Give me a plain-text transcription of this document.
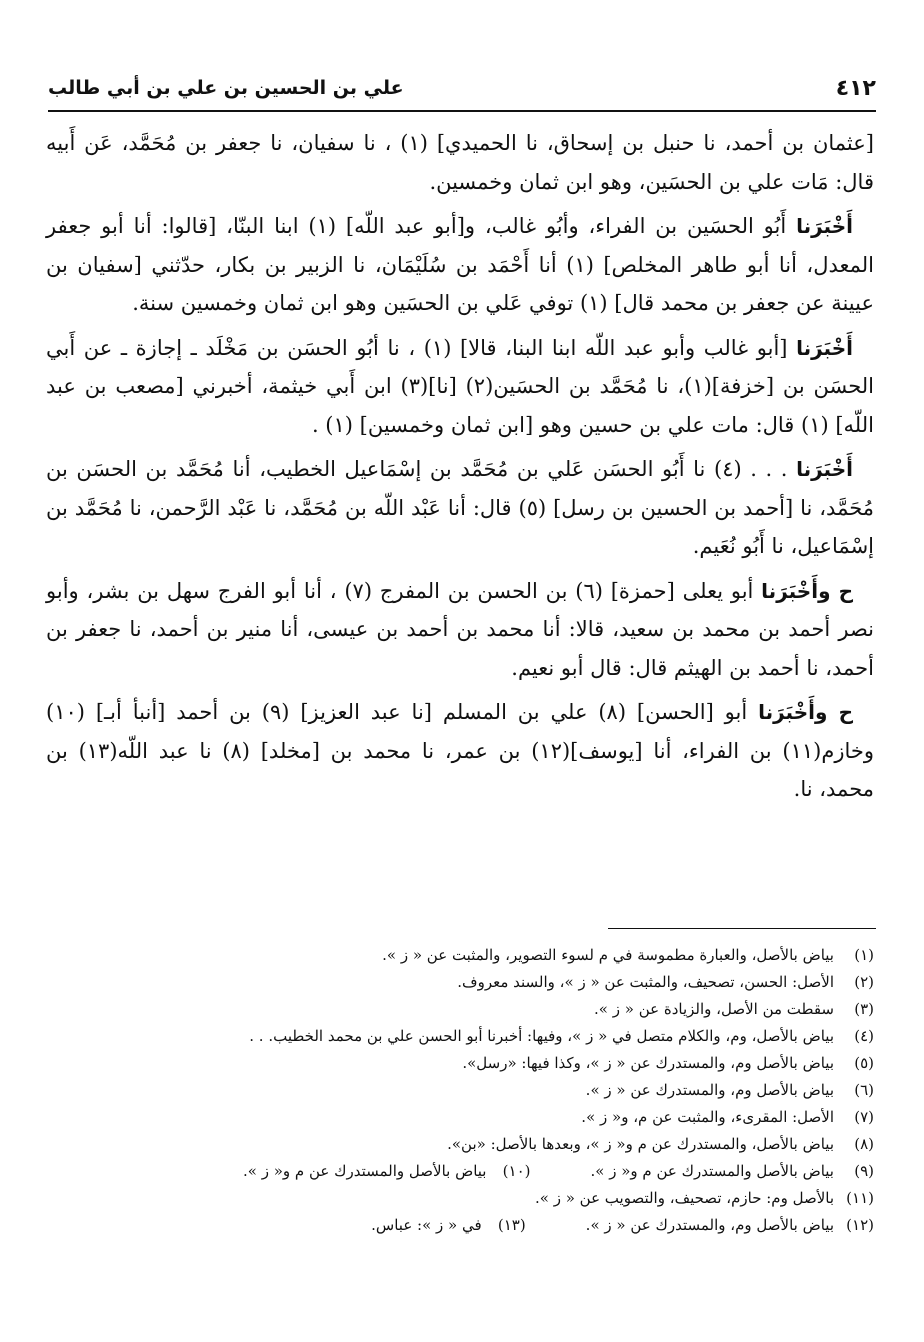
٤١٢
علي بن الحسين بن علي بن أبي طالب

[عثمان بن أحمد، نا حنبل بن إسحاق، نا الحميدي] (١) ، نا سفيان، نا جعفر بن مُحَمَّد، عَن أَبيه قال: مَات علي بن الحسَين، وهو ابن ثمان وخمسين.

 أَخْبَرَنا أَبُو الحسَين بن الفراء، وأبُو غالب، و[أبو عبد اللّه] (١) ابنا البنّا، [قالوا: أنا أبو جعفر المعدل، أنا أبو طاهر المخلص] (١) أنا أَحْمَد بن سُلَيْمَان، نا الزبير بن بكار، حدّثني [سفيان بن عيينة عن جعفر بن محمد قال] (١) توفي عَلي بن الحسَين وهو ابن ثمان وخمسين سنة.

 أَخْبَرَنا [أبو غالب وأبو عبد اللّه ابنا البنا، قالا] (١) ، نا أبُو الحسَن بن مَخْلَد ـ إجازة ـ عن أَبي الحسَن بن [خزفة](١)، نا مُحَمَّد بن الحسَين(٢) [نا](٣) ابن أَبي خيثمة، أخبرني [مصعب بن عبد اللّه] (١) قال: مات علي بن حسين وهو [ابن ثمان وخمسين] (١) .

 أَخْبَرَنا . . . (٤) نا أَبُو الحسَن عَلي بن مُحَمَّد بن إسْمَاعيل الخطيب، أنا مُحَمَّد بن الحسَن بن مُحَمَّد، نا [أحمد بن الحسين بن رسل] (٥) قال: أنا عَبْد اللّه بن مُحَمَّد، نا عَبْد الرَّحمن، نا مُحَمَّد بن إسْمَاعيل، نا أَبُو نُعَيم.

 ح وأَخْبَرَنا أبو يعلى [حمزة] (٦) بن الحسن بن المفرج (٧) ، أنا أبو الفرج سهل بن بشر، وأبو نصر أحمد بن محمد بن سعيد، قالا: أنا محمد بن أحمد بن عيسى، أنا منير بن أحمد، نا جعفر بن أحمد، نا أحمد بن الهيثم قال: قال أبو نعيم.

 ح وأَخْبَرَنا أبو [الحسن] (٨) علي بن المسلم [نا عبد العزيز] (٩) بن أحمد [أنبأ أبـ] (١٠) وخازم(١١) بن الفراء، أنا [يوسف](١٢) بن عمر، نا محمد بن [مخلد] (٨) نا عبد اللّه(١٣) بن محمد، نا.

(١)
بياض بالأصل، والعبارة مطموسة في م لسوء التصوير، والمثبت عن « ز ».
(٢)
الأصل: الحسن، تصحيف، والمثبت عن « ز »، والسند معروف.
(٣)
سقطت من الأصل، والزيادة عن « ز ».
(٤)
بياض بالأصل، وم، والكلام متصل في « ز »، وفيها: أخبرنا أبو الحسن علي بن محمد الخطيب. . .
(٥)
بياض بالأصل وم، والمستدرك عن « ز »، وكذا فيها: «رسل».
(٦)
بياض بالأصل وم، والمستدرك عن « ز ».
(٧)
الأصل: المقرىء، والمثبت عن م، و« ز ».
(٨)
بياض بالأصل، والمستدرك عن م و« ز »، وبعدها بالأصل: «بن».
(٩)
بياض بالأصل والمستدرك عن م و« ز ».
(١٠)
بياض بالأصل والمستدرك عن م و« ز ».
(١١)
بالأصل وم: حازم، تصحيف، والتصويب عن « ز ».
(١٢)
بياض بالأصل وم، والمستدرك عن « ز ».
(١٣)
في « ز »: عباس.
